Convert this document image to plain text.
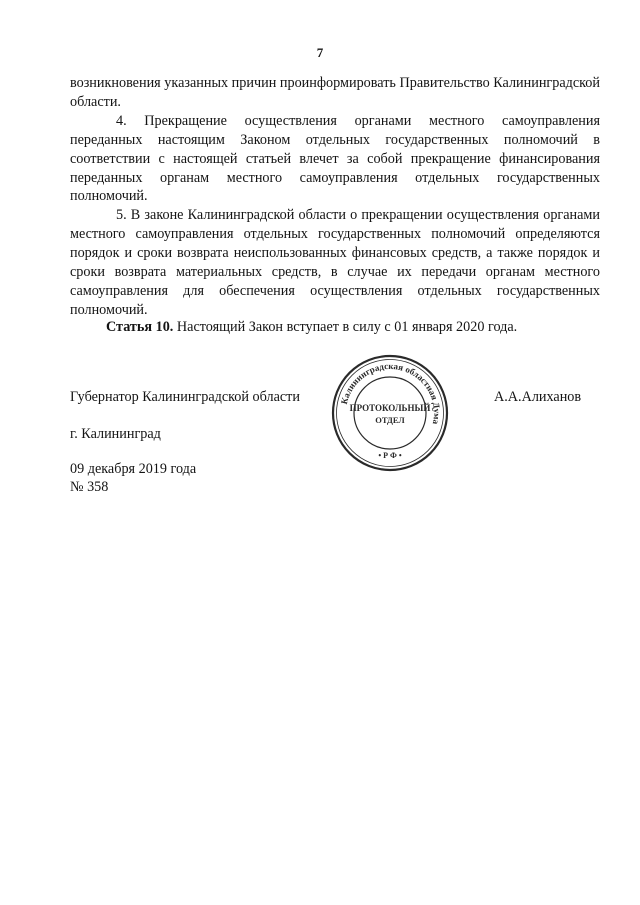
7

возникновения указанных причин проинформировать Правительство Калининградской области.

4. Прекращение осуществления органами местного самоуправления переданных настоящим Законом отдельных государственных полномочий в соответствии с настоящей статьей влечет за собой прекращение финансирования переданных органам местного самоуправления отдельных государственных полномочий.

5. В законе Калининградской области о прекращении осуществления органами местного самоуправления отдельных государственных полномочий определяются порядок и сроки возврата неиспользованных финансовых средств, а также порядок и сроки возврата материальных средств, в случае их передачи органам местного самоуправления для обеспечения осуществления отдельных государственных полномочий.

Статья 10. Настоящий Закон вступает в силу с 01 января 2020 года.
Губернатор Калининградской области	Калининградская областная Дума
ПРОТОКОЛЬНЫЙ
ОТДЕЛ
• Р Ф •
А.А.Алиханов
г. Калининград
09 декабря 2019 года
№ 358
